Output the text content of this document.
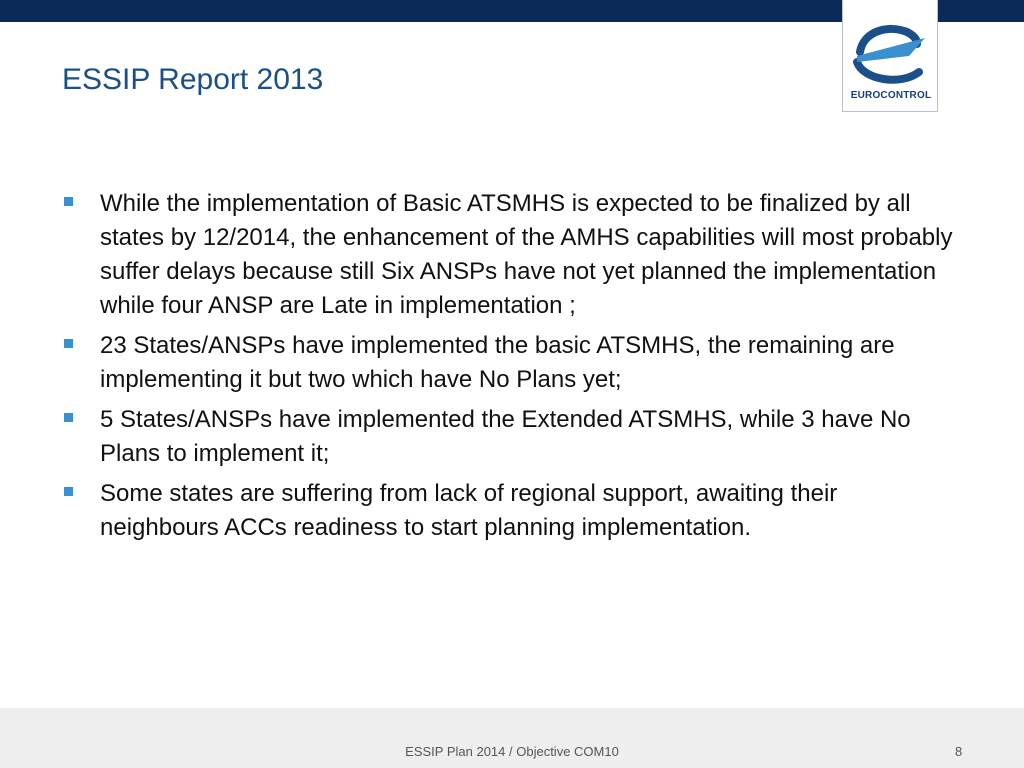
EUROCONTROL
ESSIP Report 2013
While the implementation of Basic ATSMHS is expected to be finalized by all states by 12/2014, the enhancement of the AMHS capabilities will most probably suffer delays because still Six ANSPs have not yet planned the implementation while four ANSP are Late in implementation ;
23 States/ANSPs have implemented the basic ATSMHS, the remaining are implementing it but two which have No Plans yet;
5 States/ANSPs have implemented the Extended ATSMHS, while 3 have No Plans to implement it;
Some states are suffering from lack of regional support, awaiting their neighbours ACCs readiness to start planning implementation.
ESSIP Plan 2014 / Objective COM10	8
